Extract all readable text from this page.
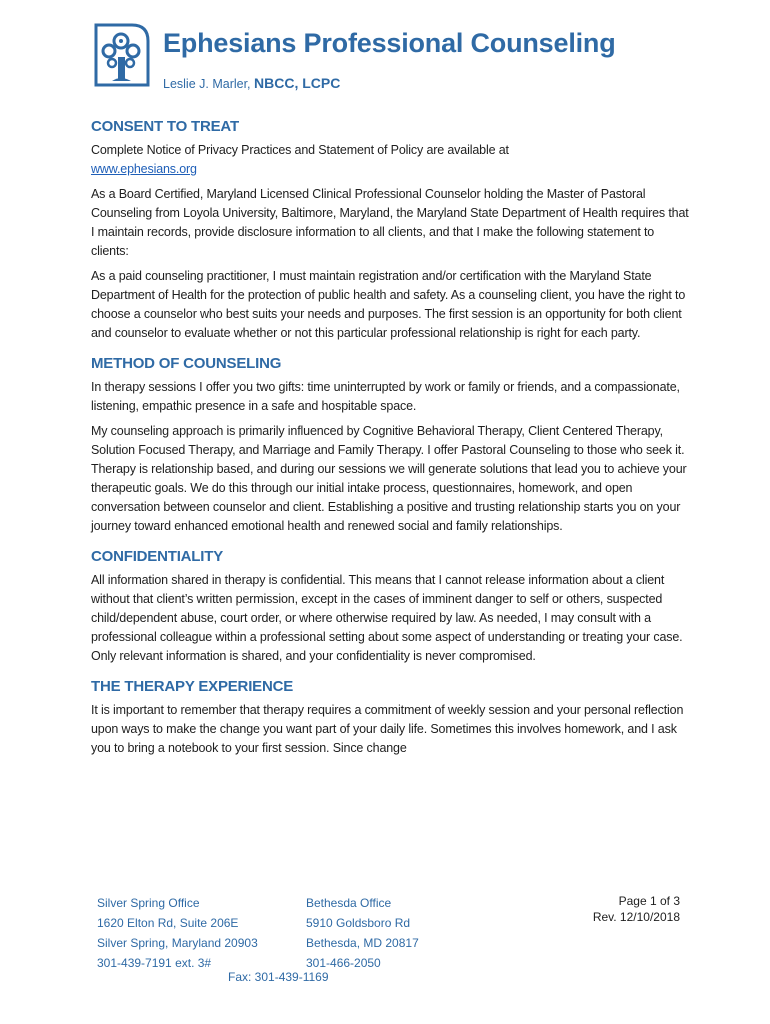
Ephesians Professional Counseling
Leslie J. Marler, NBCC, LCPC
CONSENT TO TREAT

Complete Notice of Privacy Practices and Statement of Policy are available at
www.ephesians.org

As a Board Certified, Maryland Licensed Clinical Professional Counselor holding the Master of Pastoral Counseling from Loyola University, Baltimore, Maryland, the Maryland State Department of Health requires that I maintain records, provide disclosure information to all clients, and that I make the following statement to clients:

As a paid counseling practitioner, I must maintain registration and/or certification with the Maryland State Department of Health for the protection of public health and safety. As a counseling client, you have the right to choose a counselor who best suits your needs and purposes. The first session is an opportunity for both client and counselor to evaluate whether or not this particular professional relationship is right for each party.

METHOD OF COUNSELING

In therapy sessions I offer you two gifts: time uninterrupted by work or family or friends, and a compassionate, listening, empathic presence in a safe and hospitable space.

My counseling approach is primarily influenced by Cognitive Behavioral Therapy, Client Centered Therapy, Solution Focused Therapy, and Marriage and Family Therapy. I offer Pastoral Counseling to those who seek it. Therapy is relationship based, and during our sessions we will generate solutions that lead you to achieve your therapeutic goals. We do this through our initial intake process, questionnaires, homework, and open conversation between counselor and client. Establishing a positive and trusting relationship starts you on your journey toward enhanced emotional health and renewed social and family relationships.

CONFIDENTIALITY

All information shared in therapy is confidential. This means that I cannot release information about a client without that client’s written permission, except in the cases of imminent danger to self or others, suspected child/dependent abuse, court order, or where otherwise required by law. As needed, I may consult with a professional colleague within a professional setting about some aspect of understanding or treating your case. Only relevant information is shared, and your confidentiality is never compromised.

THE THERAPY EXPERIENCE

It is important to remember that therapy requires a commitment of weekly session and your personal reflection upon ways to make the change you want part of your daily life. Sometimes this involves homework, and I ask you to bring a notebook to your first session. Since change

Silver Spring Office
1620 Elton Rd, Suite 206E
Silver Spring, Maryland 20903
301-439-7191 ext. 3#
Bethesda Office
5910 Goldsboro Rd
Bethesda, MD 20817
301-466-2050
Page 1 of 3
Rev. 12/10/2018
Fax: 301-439-1169
